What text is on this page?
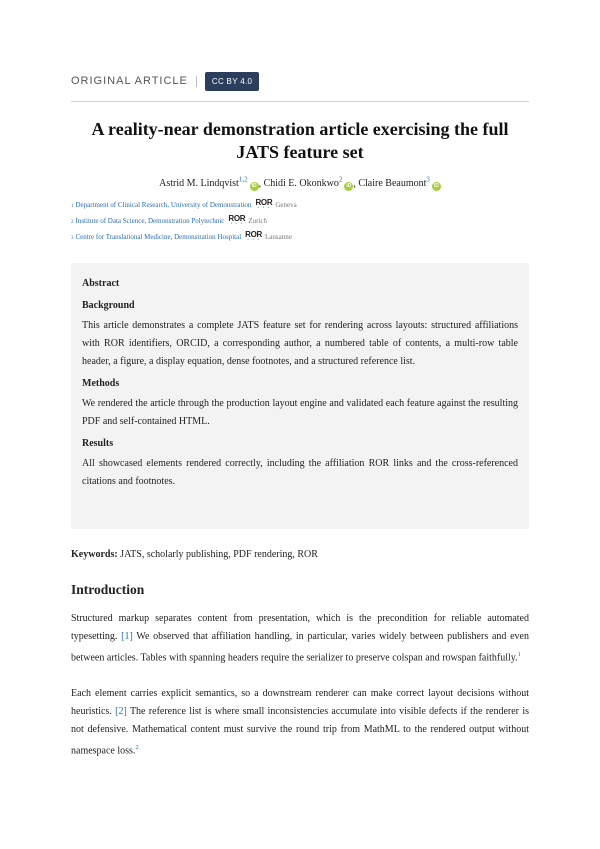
ORIGINAL ARTICLE	CC BY 4.0
A reality-near demonstration article exercising the full JATS feature set
Astrid M. Lindqvist$^{1,2}$iD , Chidi E. Okonkwo$^2$iD , Claire Beaumont$^3$iD
1 Department of Clinical Research, University of Demonstration ROR
• • • Geneva
2 Institute of Data Science, Demonstration Polytechnic ROR
• • • Zurich
3 Centre for Translational Medicine, Demonstration Hospital ROR
• • • Lausanne
Abstract
Background

This article demonstrates a complete JATS feature set for rendering across layouts: structured affiliations with ROR identifiers, ORCID, a corresponding author, a numbered table of contents, a multi-row table header, a figure, a display equation, dense footnotes, and a structured reference list.

Methods

We rendered the article through the production layout engine and validated each feature against the resulting PDF and self-contained HTML.

Results

All showcased elements rendered correctly, including the affiliation ROR links and the cross-referenced citations and footnotes.

Keywords: JATS, scholarly publishing, PDF rendering, ROR
Introduction

Structured markup separates content from presentation, which is the precondition for reliable automated typesetting. [1] We observed that affiliation handling, in particular, varies widely between publishers and even between articles. Tables with spanning headers require the serializer to preserve colspan and rowspan faithfully.$^1$

Each element carries explicit semantics, so a downstream renderer can make correct layout decisions without heuristics. [2] The reference list is where small inconsistencies accumulate into visible defects if the renderer is not defensive. Mathematical content must survive the round trip from MathML to the rendered output without namespace loss.$^2$
